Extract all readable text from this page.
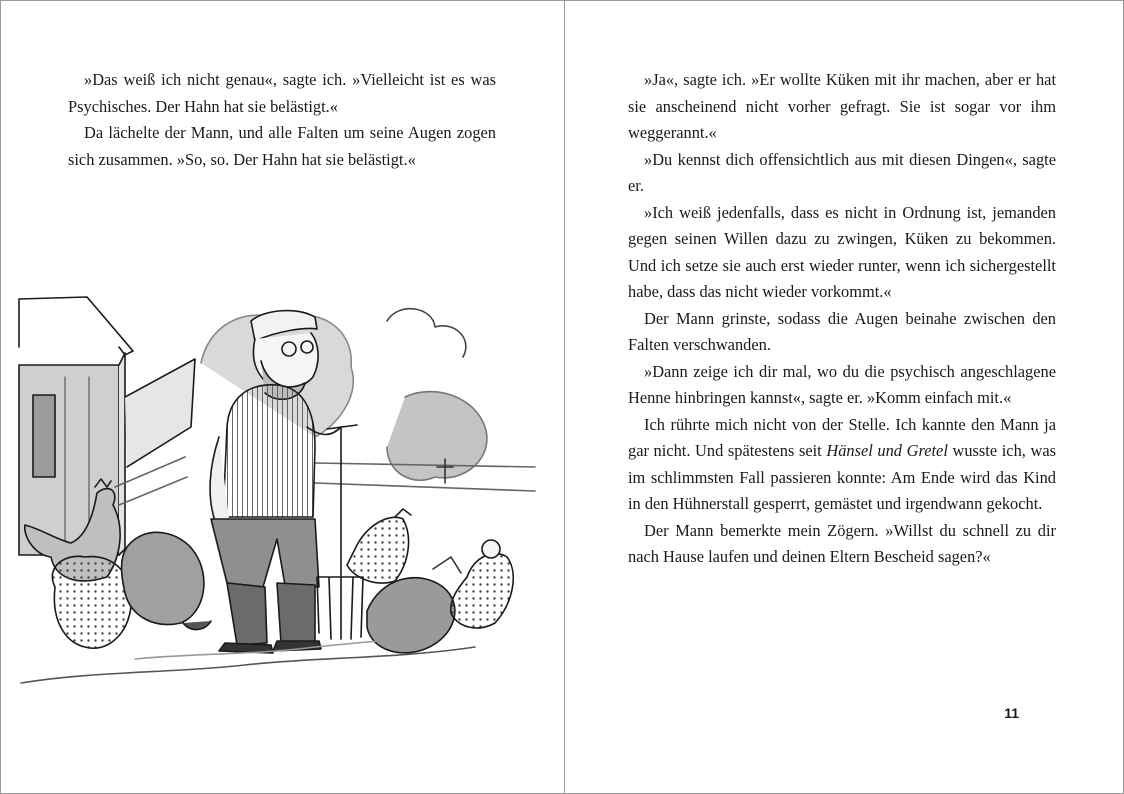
»Das weiß ich nicht genau«, sagte ich. »Vielleicht ist es was Psychisches. Der Hahn hat sie belästigt.«

Da lächelte der Mann, und alle Falten um seine Augen zogen sich zusammen. »So, so. Der Hahn hat sie belästigt.«

»Ja«, sagte ich. »Er wollte Küken mit ihr machen, aber er hat sie anscheinend nicht vorher gefragt. Sie ist sogar vor ihm weggerannt.«

»Du kennst dich offensichtlich aus mit diesen Dingen«, sagte er.

»Ich weiß jedenfalls, dass es nicht in Ordnung ist, jemanden gegen seinen Willen dazu zu zwingen, Küken zu bekommen. Und ich setze sie auch erst wieder runter, wenn ich sichergestellt habe, dass das nicht wieder vorkommt.«

Der Mann grinste, sodass die Augen beinahe zwischen den Falten verschwanden.

»Dann zeige ich dir mal, wo du die psychisch angeschlagene Henne hinbringen kannst«, sagte er. »Komm einfach mit.«

Ich rührte mich nicht von der Stelle. Ich kannte den Mann ja gar nicht. Und spätestens seit Hänsel und Gretel wusste ich, was im schlimmsten Fall passieren konnte: Am Ende wird das Kind in den Hühnerstall gesperrt, gemästet und irgendwann gekocht.

Der Mann bemerkte mein Zögern. »Willst du schnell zu dir nach Hause laufen und deinen Eltern Bescheid sagen?«

11
